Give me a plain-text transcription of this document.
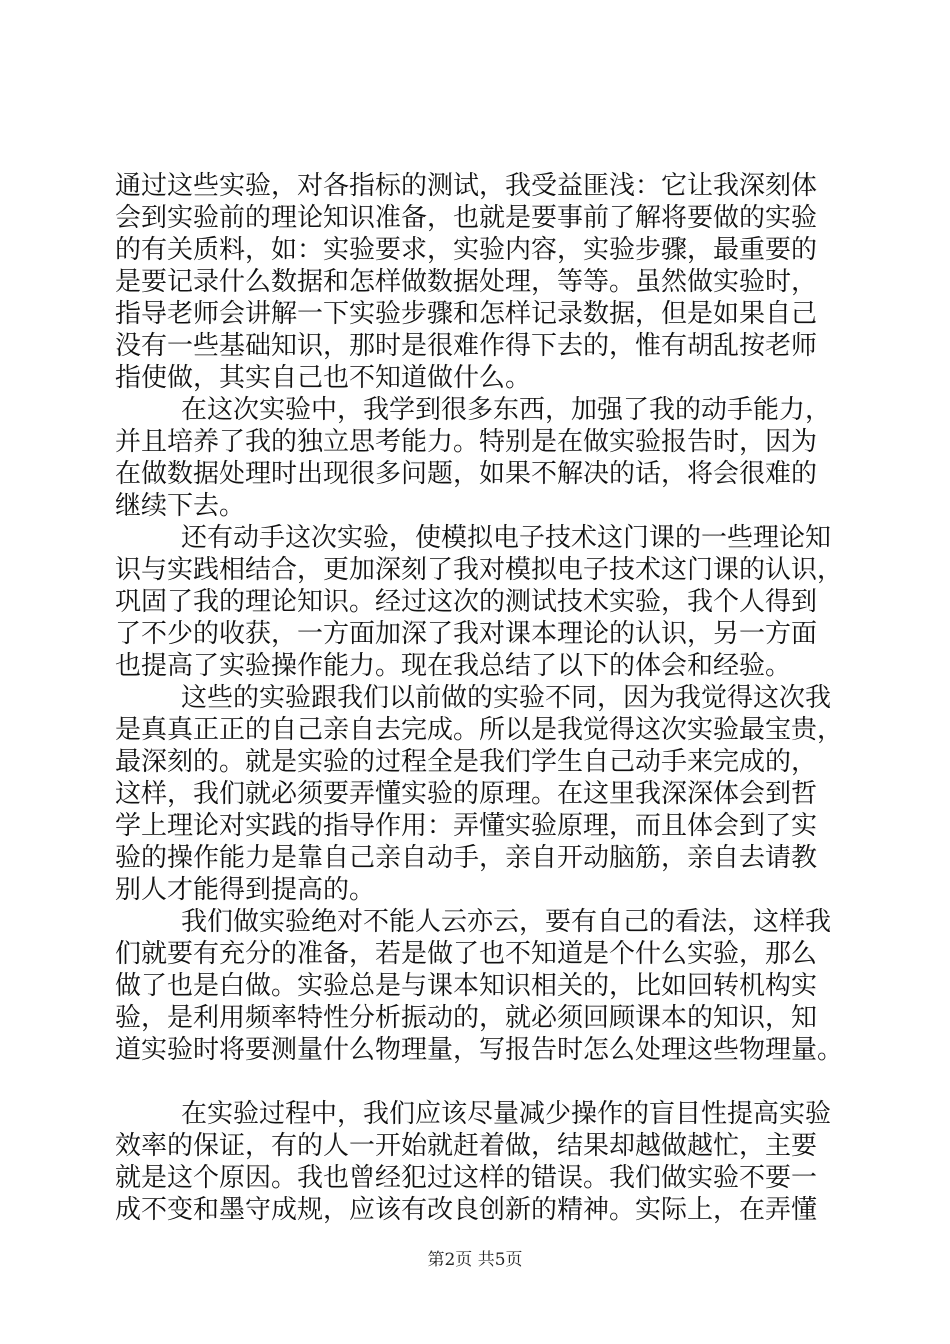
通过这些实验，对各指标的测试，我受益匪浅：它让我深刻体
会到实验前的理论知识准备，也就是要事前了解将要做的实验
的有关质料，如：实验要求，实验内容，实验步骤，最重要的
是要记录什么数据和怎样做数据处理，等等。虽然做实验时，
指导老师会讲解一下实验步骤和怎样记录数据，但是如果自己
没有一些基础知识，那时是很难作得下去的，惟有胡乱按老师
指使做，其实自己也不知道做什么。
在这次实验中，我学到很多东西，加强了我的动手能力，
并且培养了我的独立思考能力。特别是在做实验报告时，因为
在做数据处理时出现很多问题，如果不解决的话，将会很难的
继续下去。
还有动手这次实验，使模拟电子技术这门课的一些理论知
识与实践相结合，更加深刻了我对模拟电子技术这门课的认识，
巩固了我的理论知识。经过这次的测试技术实验，我个人得到
了不少的收获，一方面加深了我对课本理论的认识，另一方面
也提高了实验操作能力。现在我总结了以下的体会和经验。
这些的实验跟我们以前做的实验不同，因为我觉得这次我
是真真正正的自己亲自去完成。所以是我觉得这次实验最宝贵，
最深刻的。就是实验的过程全是我们学生自己动手来完成的，
这样，我们就必须要弄懂实验的原理。在这里我深深体会到哲
学上理论对实践的指导作用：弄懂实验原理，而且体会到了实
验的操作能力是靠自己亲自动手，亲自开动脑筋，亲自去请教
别人才能得到提高的。
我们做实验绝对不能人云亦云，要有自己的看法，这样我
们就要有充分的准备，若是做了也不知道是个什么实验，那么
做了也是白做。实验总是与课本知识相关的，比如回转机构实
验，是利用频率特性分析振动的，就必须回顾课本的知识，知
道实验时将要测量什么物理量，写报告时怎么处理这些物理量。
在实验过程中，我们应该尽量减少操作的盲目性提高实验
效率的保证，有的人一开始就赶着做，结果却越做越忙，主要
就是这个原因。我也曾经犯过这样的错误。我们做实验不要一
成不变和墨守成规，应该有改良创新的精神。实际上，在弄懂
第2页 共5页
